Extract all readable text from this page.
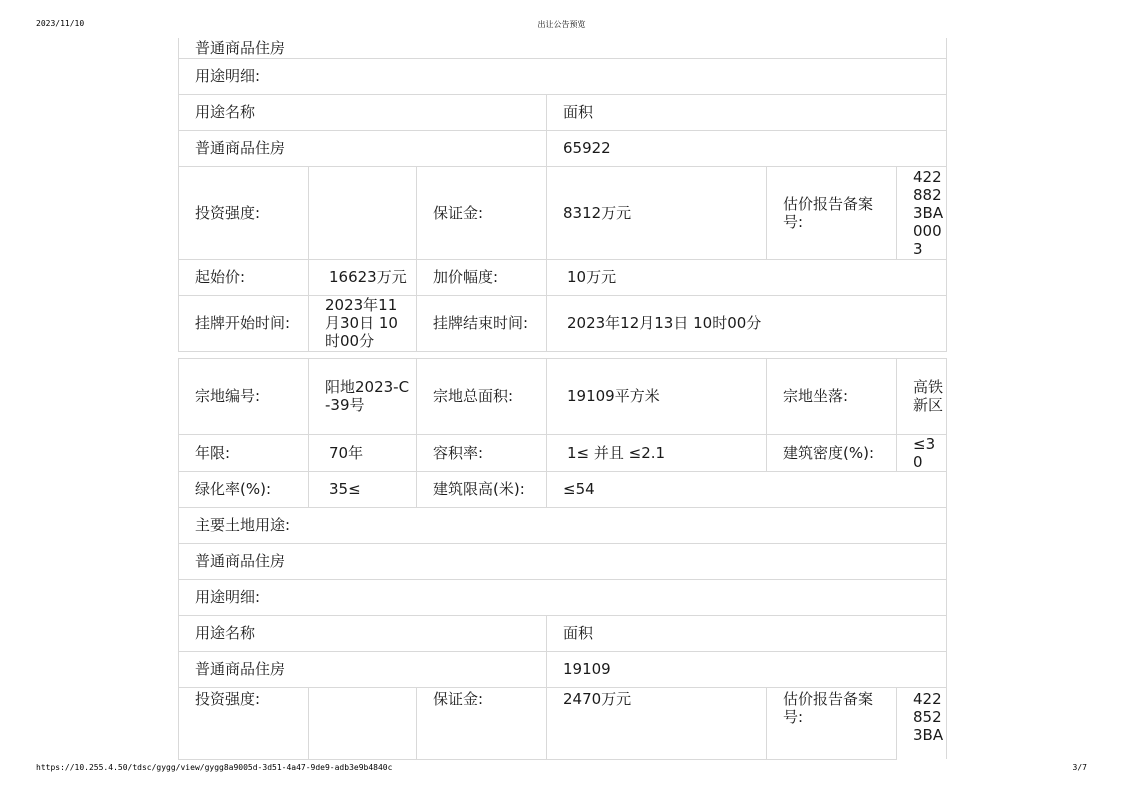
2023/11/10	出让公告预览
普通商品住房					
用途明细:					
用途名称			面积		
普通商品住房			65922		
投资强度:		保证金:	8312万元	估价报告备案号:	4228823BA0003
起始价:	16623万元	加价幅度:	10万元		
挂牌开始时间:	2023年11月30日 10时00分	挂牌结束时间:	2023年12月13日 10时00分		
宗地编号:	阳地2023-C-39号	宗地总面积:	19109平方米	宗地坐落:	高铁新区
年限:	70年	容积率:	1≤ 并且 ≤2.1	建筑密度(%):	≤30
绿化率(%):	35≤	建筑限高(米):	≤54		
主要土地用途:					
普通商品住房					
用途明细:					
用途名称			面积		
普通商品住房			19109		
投资强度:		保证金:	2470万元	估价报告备案号:	4228523BA
https://10.255.4.50/tdsc/gygg/view/gygg8a9005d-3d51-4a47-9de9-adb3e9b4840c	3/7
